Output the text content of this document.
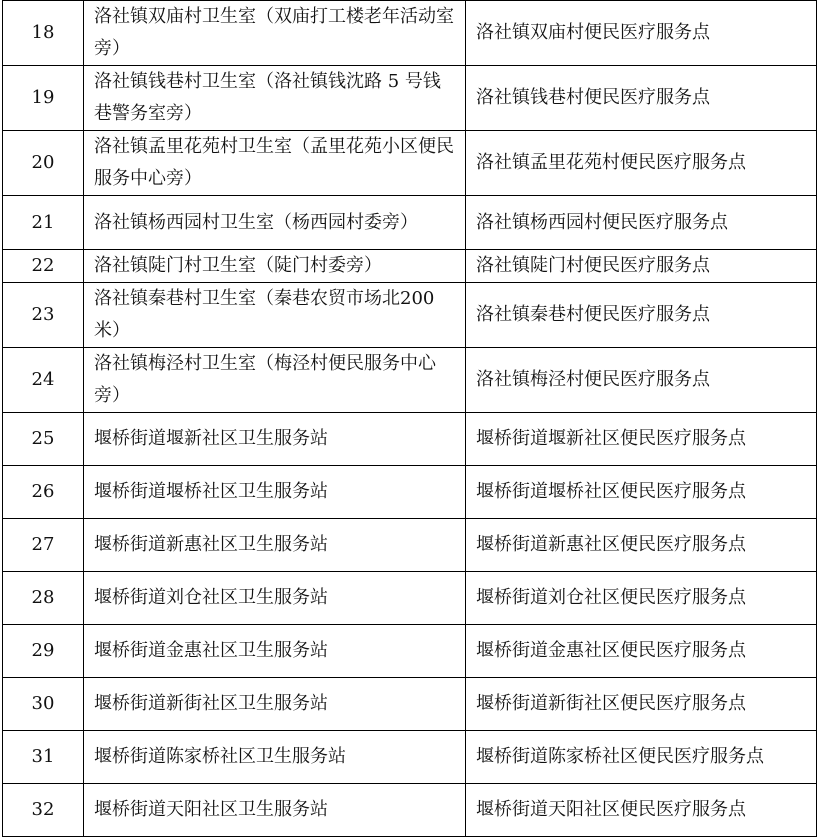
18	洛社镇双庙村卫生室（双庙打工楼老年活动室旁）	洛社镇双庙村便民医疗服务点
19	洛社镇钱巷村卫生室（洛社镇钱沈路 5 号钱巷警务室旁）	洛社镇钱巷村便民医疗服务点
20	洛社镇孟里花苑村卫生室（孟里花苑小区便民服务中心旁）	洛社镇孟里花苑村便民医疗服务点
21	洛社镇杨西园村卫生室（杨西园村委旁）	洛社镇杨西园村便民医疗服务点
22	洛社镇陡门村卫生室（陡门村委旁）	洛社镇陡门村便民医疗服务点
23	洛社镇秦巷村卫生室（秦巷农贸市场北200 米）	洛社镇秦巷村便民医疗服务点
24	洛社镇梅泾村卫生室（梅泾村便民服务中心旁）	洛社镇梅泾村便民医疗服务点
25	堰桥街道堰新社区卫生服务站	堰桥街道堰新社区便民医疗服务点
26	堰桥街道堰桥社区卫生服务站	堰桥街道堰桥社区便民医疗服务点
27	堰桥街道新惠社区卫生服务站	堰桥街道新惠社区便民医疗服务点
28	堰桥街道刘仓社区卫生服务站	堰桥街道刘仓社区便民医疗服务点
29	堰桥街道金惠社区卫生服务站	堰桥街道金惠社区便民医疗服务点
30	堰桥街道新街社区卫生服务站	堰桥街道新街社区便民医疗服务点
31	堰桥街道陈家桥社区卫生服务站	堰桥街道陈家桥社区便民医疗服务点
32	堰桥街道天阳社区卫生服务站	堰桥街道天阳社区便民医疗服务点
